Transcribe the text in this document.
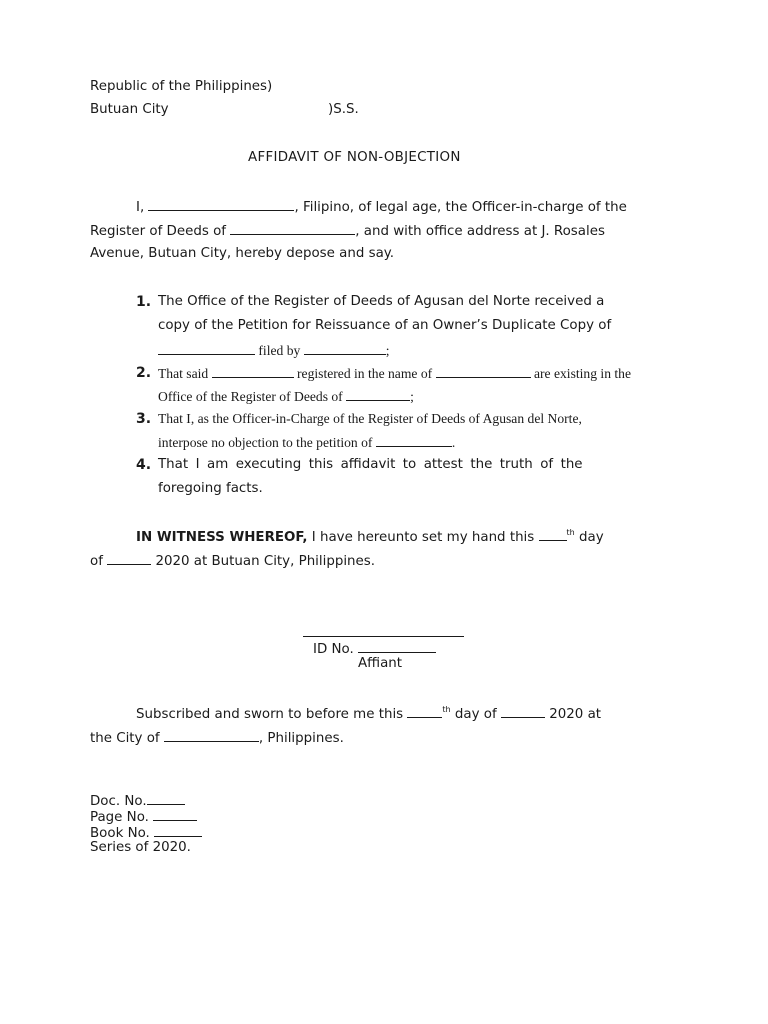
Republic of the Philippines)

Butuan City	)S.S.

AFFIDAVIT OF NON-OBJECTION

I,	, Filipino, of legal age, the Officer-in-charge of the

Register of Deeds of	, and with office address at J. Rosales

Avenue, Butuan City, hereby depose and say.

1. The Office of the Register of Deeds of Agusan del Norte received a

copy of the Petition for Reissuance of an Owner’s Duplicate Copy of

filed by	;

2. That said	registered in the name of	are existing in the

Office of the Register of Deeds of	;

3. That I, as the Officer-in-Charge of the Register of Deeds of Agusan del Norte,

interpose no objection to the petition of	.

4. That I am executing this affidavit to attest the truth of the

foregoing facts.

IN WITNESS WHEREOF, I have hereunto set my hand this	$^{th}$ day

of	2020 at Butuan City, Philippines.

ID No.

Affiant

Subscribed and sworn to before me this	$^{th}$ day of	2020 at

the City of	, Philippines.

Doc. No.

Page No.

Book No.

Series of 2020.
